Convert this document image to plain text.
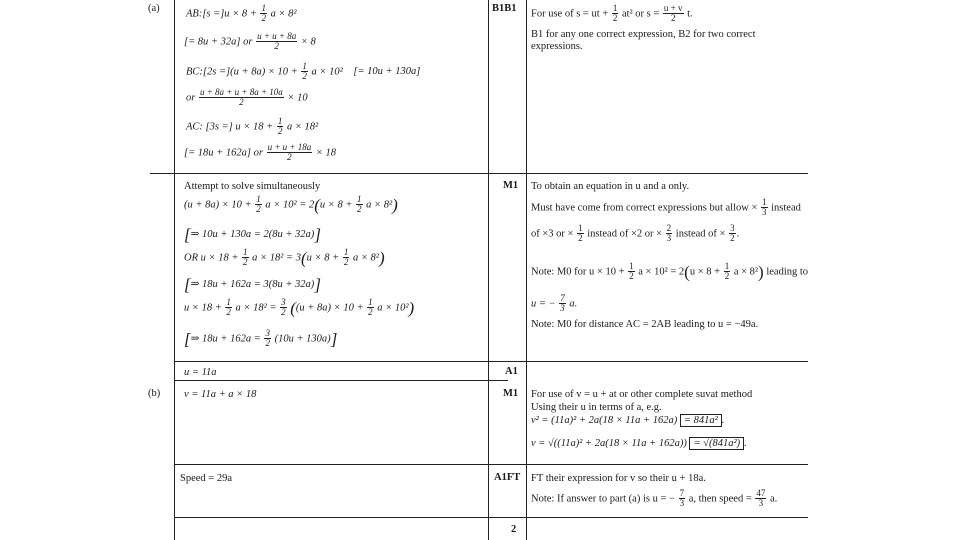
(a)
(b)
B1B1
M1
A1
M1
A1FT
2
AB:[s $=]u \times 8 + \frac{1}{2}$ a × 8²
[= 8u + 32a] or $\frac{u + u + 8a}{2} \times 8$
BC:[2s $=](u + 8a) \times 10 + \frac{1}{2}$ a × 10² [= 10u + 130a]
or $\frac{u + 8a + u + 8a + 10a}{2} \times 10$
AC: [3s =] $u \times 18 + \frac{1}{2}$ a × 18²
[= 18u + 162a] or $\frac{u + u + 18a}{2} \times 18$
For use of s = ut + $\frac{1}{2} at^2$ or $s = \frac{u + v}{2} t$.
B1 for any one correct expression, B2 for two correct
expressions.
Attempt to solve simultaneously
$(u + 8a) \times 10 + \frac{1}{2}$ $a \times 10^2 = 2(u \times 8 + \frac{1}{2}$ a × 8²)
[⇒ 10u + 130a = 2(8u + 32a)]
OR $u \times 18 + \frac{1}{2}$ $a \times 18^2 = 3(u \times 8 + \frac{1}{2}$ a × 8²)
[⇒ 18u + 162a = 3(8u + 32a)]
$u \times 18 + \frac{1}{2}$ $a \times 18^2 = \frac{3}{2} ((u + 8a) \times 10 + \frac{1}{2}$ a × 10²)
[⇒ $18u + 162a = \frac{3}{2} (10u + 130a)$]
To obtain an equation in u and a only.
Must have come from correct expressions but allow × $\frac{1}{3}$ instead
of ×3 or × $\frac{1}{2}$ instead of ×2 or × $\frac{2}{3}$ instead of × $\frac{3}{2}$ .
Note: M0 for $u \times 10 + \frac{1}{2}$ $a \times 10^2 = 2(u \times 8 + \frac{1}{2}$ a × 8²) leading to
u = − $\frac{7}{3} a$.
Note: M0 for distance AC = 2AB leading to u = −49a.
u = 11a
v = 11a + a × 18	For use of v = u + at or other complete suvat method
Using their u in terms of a, e.g.
v² = (11a)² + 2a(18 × 11a + 162a) = 841a² .
v = √((11a)² + 2a(18 × 11a + 162a)) = √(841a²) .
Speed = 29a	FT their expression for v so their u + 18a.
Note: If answer to part (a) is u = − $\frac{7}{3} a$, then speed = $\frac{47}{3} a$.
